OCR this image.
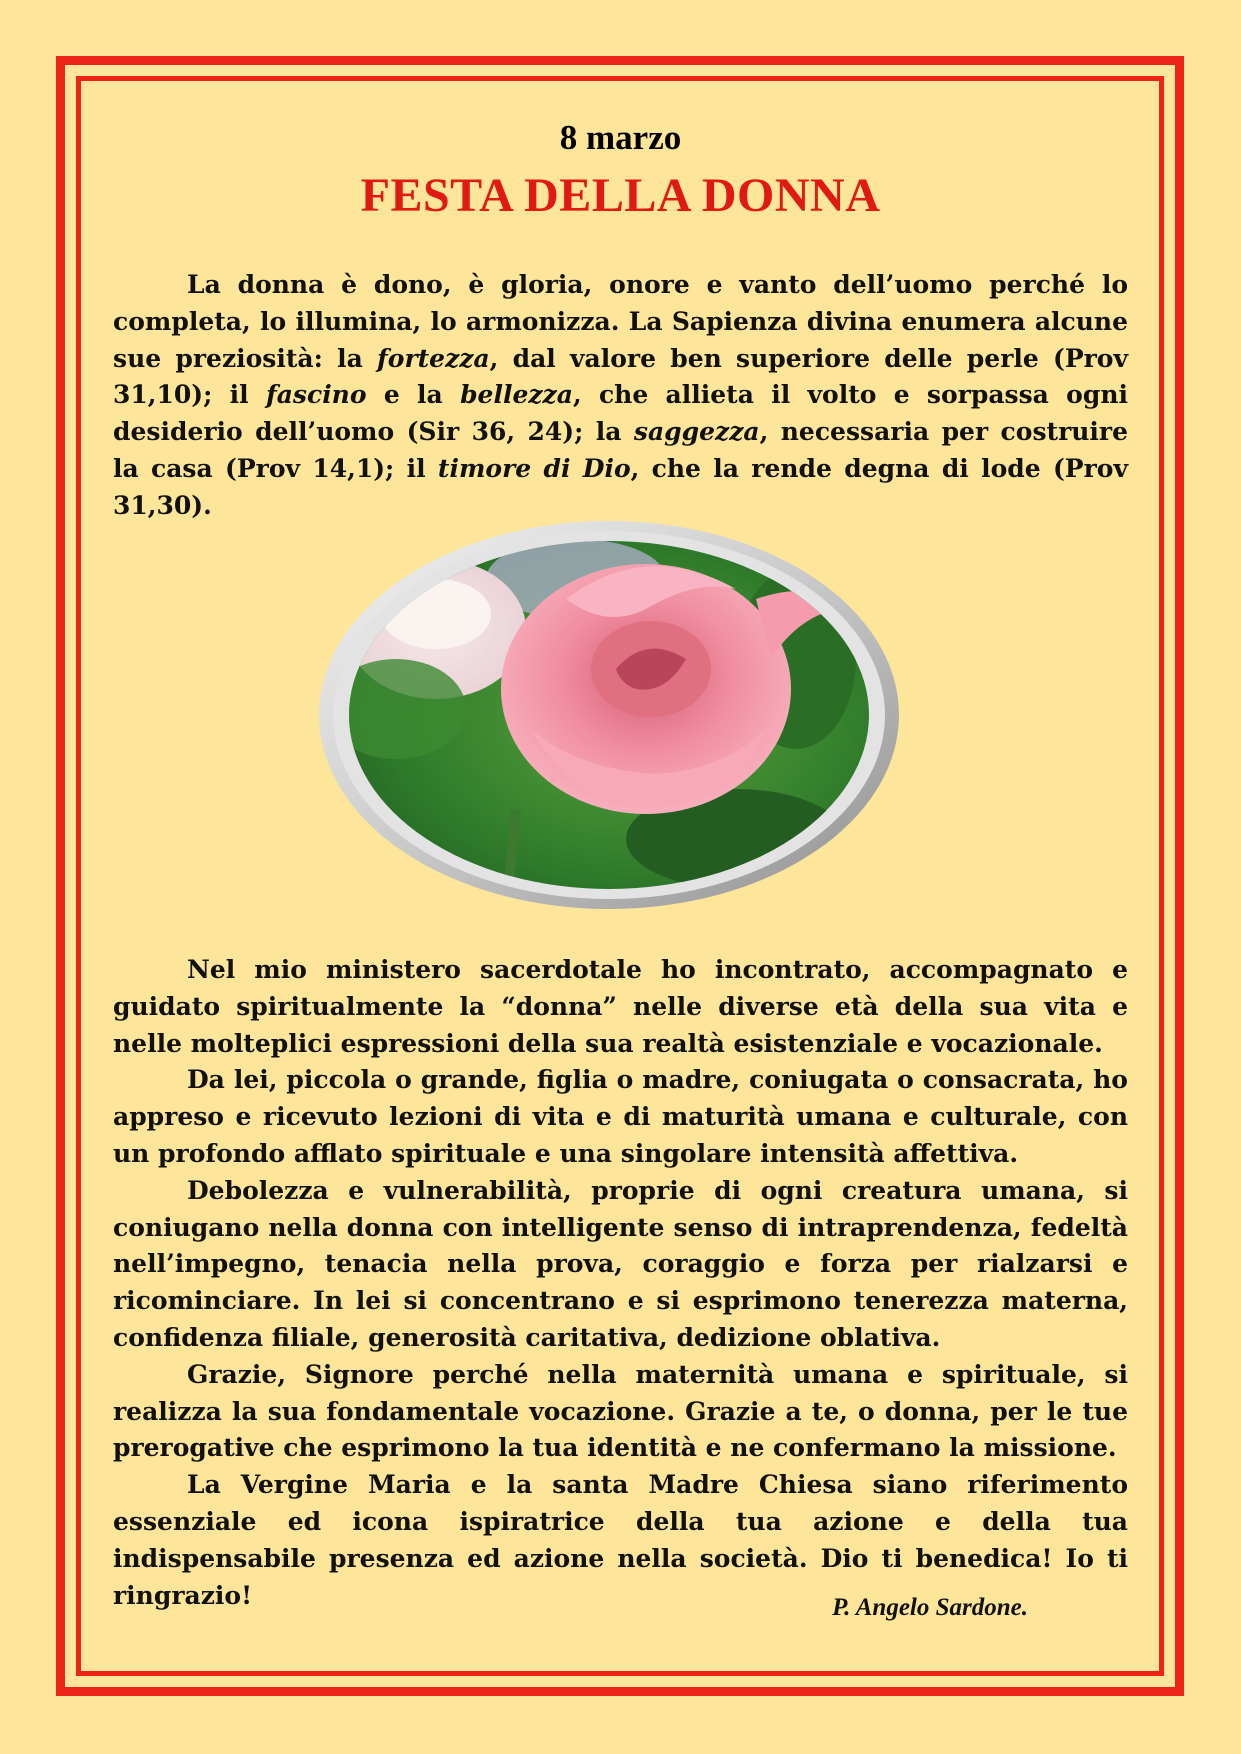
8 marzo
FESTA DELLA DONNA

La donna è dono, è gloria, onore e vanto dell’uomo perché lo completa, lo illumina, lo armonizza. La Sapienza divina enumera alcune sue preziosità: la fortezza, dal valore ben superiore delle perle (Prov 31,10); il fascino e la bellezza, che allieta il volto e sorpassa ogni desiderio dell’uomo (Sir 36, 24); la saggezza, necessaria per costruire la casa (Prov 14,1); il timore di Dio, che la rende degna di lode (Prov 31,30).

Nel mio ministero sacerdotale ho incontrato, accompagnato e guidato spiritualmente la “donna” nelle diverse età della sua vita e nelle molteplici espressioni della sua realtà esistenziale e vocazionale.

Da lei, piccola o grande, figlia o madre, coniugata o consacrata, ho appreso e ricevuto lezioni di vita e di maturità umana e culturale, con un profondo afflato spirituale e una singolare intensità affettiva.

Debolezza e vulnerabilità, proprie di ogni creatura umana, si coniugano nella donna con intelligente senso di intraprendenza, fedeltà nell’impegno, tenacia nella prova, coraggio e forza per rialzarsi e ricominciare. In lei si concentrano e si esprimono tenerezza materna, confidenza filiale, generosità caritativa, dedizione oblativa.

Grazie, Signore perché nella maternità umana e spirituale, si realizza la sua fondamentale vocazione. Grazie a te, o donna, per le tue prerogative che esprimono la tua identità e ne confermano la missione.

La Vergine Maria e la santa Madre Chiesa siano riferimento essenziale ed icona ispiratrice della tua azione e della tua indispensabile presenza ed azione nella società. Dio ti benedica! Io ti ringrazio!	P. Angelo Sardone.
